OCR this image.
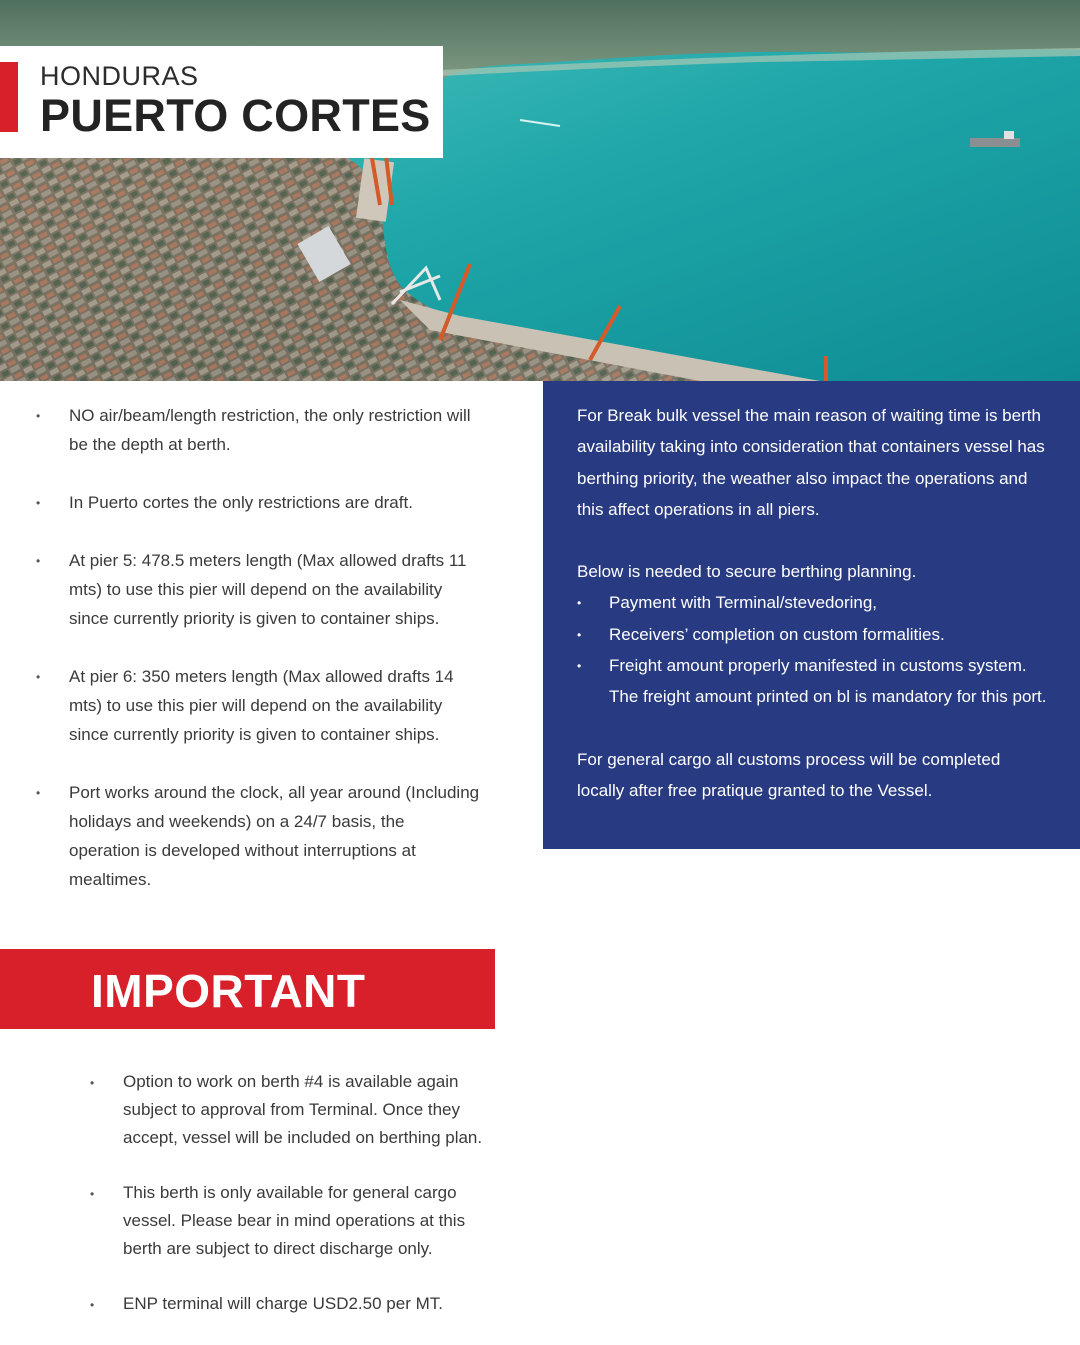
HONDURAS
PUERTO CORTES
• NO air/beam/length restriction, the only restriction will be the depth at berth.
• In Puerto cortes the only restrictions are draft.
• At pier 5: 478.5 meters length (Max allowed drafts 11 mts) to use this pier will depend on the availability since currently priority is given to container ships.
• At pier 6: 350 meters length (Max allowed drafts 14 mts) to use this pier will depend on the availability since currently priority is given to container ships.
• Port works around the clock, all year around (Including holidays and weekends) on a 24/7 basis, the operation is developed without interruptions at mealtimes.

For Break bulk vessel the main reason of waiting time is berth availability taking into consideration that containers vessel has berthing priority, the weather also impact the operations and this affect operations in all piers.

Below is needed to secure berthing planning.

• Payment with Terminal/stevedoring,
• Receivers’ completion on custom formalities.
• Freight amount properly manifested in customs system. The freight amount printed on bl is mandatory for this port.

For general cargo all customs process will be completed locally after free pratique granted to the Vessel.

IMPORTANT
• Option to work on berth #4 is available again subject to approval from Terminal. Once they accept, vessel will be included on berthing plan.
• This berth is only available for general cargo vessel. Please bear in mind operations at this berth are subject to direct discharge only.
• ENP terminal will charge USD2.50 per MT.
